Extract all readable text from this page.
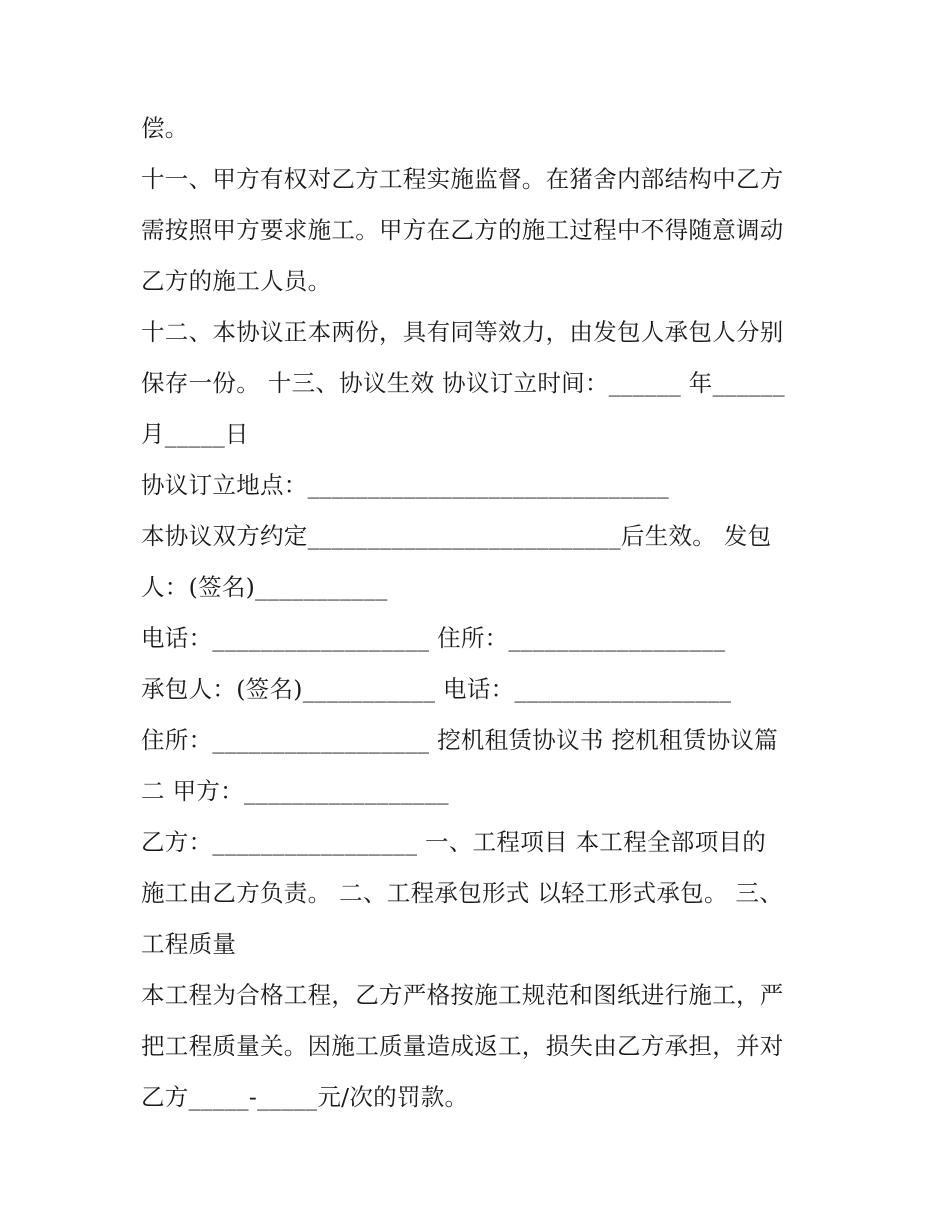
偿。
十一、甲方有权对乙方工程实施监督。在猪舍内部结构中乙方
需按照甲方要求施工。甲方在乙方的施工过程中不得随意调动
乙方的施工人员。
十二、本协议正本两份，具有同等效力，由发包人承包人分别
保存一份。 十三、协议生效 协议订立时间：______ 年______
月_____日
协议订立地点：______________________________
本协议双方约定__________________________后生效。 发包
人：(签名)___________
电话：__________________ 住所：__________________
承包人：(签名)___________ 电话：__________________
住所：__________________ 挖机租赁协议书 挖机租赁协议篇
二 甲方：_________________
乙方：_________________ 一、工程项目 本工程全部项目的
施工由乙方负责。 二、工程承包形式 以轻工形式承包。 三、
工程质量
本工程为合格工程，乙方严格按施工规范和图纸进行施工，严
把工程质量关。因施工质量造成返工，损失由乙方承担，并对
乙方_____-_____元/次的罚款。
